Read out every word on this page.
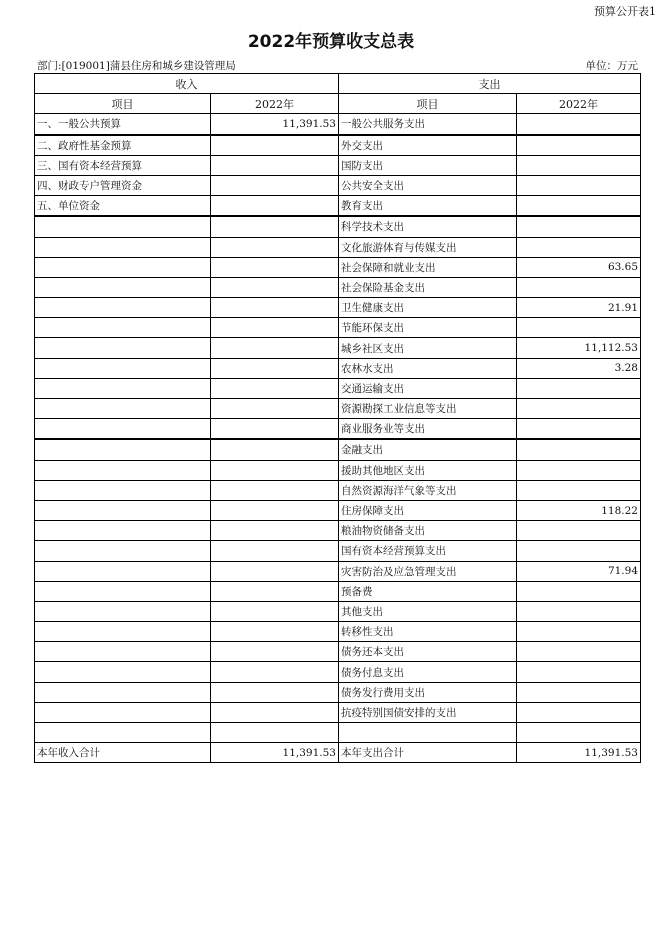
预算公开表1
2022年预算收支总表
部门:[019001]蒲县住房和城乡建设管理局	单位：万元
收入		支出	
项目	2022年	项目	2022年
一、一般公共预算	11,391.53	一般公共服务支出	
二、政府性基金预算		外交支出	
三、国有资本经营预算		国防支出	
四、财政专户管理资金		公共安全支出	
五、单位资金		教育支出	
		科学技术支出	
		文化旅游体育与传媒支出	
		社会保障和就业支出	63.65
		社会保险基金支出	
		卫生健康支出	21.91
		节能环保支出	
		城乡社区支出	11,112.53
		农林水支出	3.28
		交通运输支出	
		资源勘探工业信息等支出	
		商业服务业等支出	
		金融支出	
		援助其他地区支出	
		自然资源海洋气象等支出	
		住房保障支出	118.22
		粮油物资储备支出	
		国有资本经营预算支出	
		灾害防治及应急管理支出	71.94
		预备费	
		其他支出	
		转移性支出	
		债务还本支出	
		债务付息支出	
		债务发行费用支出	
		抗疫特别国债安排的支出	

本年收入合计	11,391.53	本年支出合计	11,391.53
